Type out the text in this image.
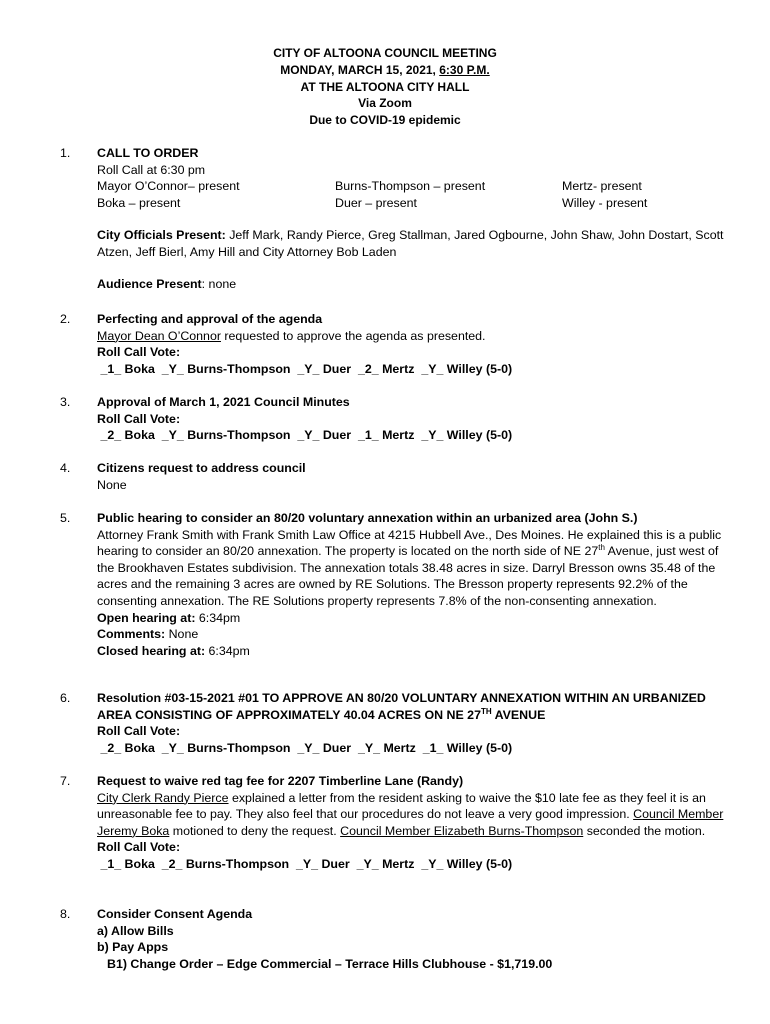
CITY OF ALTOONA COUNCIL MEETING
MONDAY, MARCH 15, 2021, 6:30 P.M.
AT THE ALTOONA CITY HALL
Via Zoom
Due to COVID-19 epidemic
1.	CALL TO ORDER
Roll Call at 6:30 pm
Mayor O’Connor– present	Burns-Thompson – present	Mertz- present
Boka – present	Duer – present	Willey - present
City Officials Present: Jeff Mark, Randy Pierce, Greg Stallman, Jared Ogbourne, John Shaw, John Dostart, Scott Atzen, Jeff Bierl, Amy Hill and City Attorney Bob Laden
Audience Present: none
2.	Perfecting and approval of the agenda
Mayor Dean O’Connor requested to approve the agenda as presented.
Roll Call Vote:
_1_ Boka  _Y_ Burns-Thompson  _Y_ Duer  _2_ Mertz  _Y_ Willey (5-0)
3.	Approval of March 1, 2021 Council Minutes
Roll Call Vote:
_2_ Boka  _Y_ Burns-Thompson  _Y_ Duer  _1_ Mertz  _Y_ Willey (5-0)
4.	Citizens request to address council
None
5.	Public hearing to consider an 80/20 voluntary annexation within an urbanized area (John S.)
Attorney Frank Smith with Frank Smith Law Office at 4215 Hubbell Ave., Des Moines. He explained this is a public hearing to consider an 80/20 annexation. The property is located on the north side of NE 27th Avenue, just west of the Brookhaven Estates subdivision. The annexation totals 38.48 acres in size. Darryl Bresson owns 35.48 of the acres and the remaining 3 acres are owned by RE Solutions. The Bresson property represents 92.2% of the consenting annexation. The RE Solutions property represents 7.8% of the non-consenting annexation.
Open hearing at: 6:34pm
Comments: None
Closed hearing at: 6:34pm
6.	Resolution #03-15-2021 #01 TO APPROVE AN 80/20 VOLUNTARY ANNEXATION WITHIN AN URBANIZED AREA CONSISTING OF APPROXIMATELY 40.04 ACRES ON NE 27TH AVENUE
Roll Call Vote:
_2_ Boka  _Y_ Burns-Thompson  _Y_ Duer  _Y_ Mertz  _1_ Willey (5-0)
7.	Request to waive red tag fee for 2207 Timberline Lane (Randy)
City Clerk Randy Pierce explained a letter from the resident asking to waive the $10 late fee as they feel it is an unreasonable fee to pay. They also feel that our procedures do not leave a very good impression. Council Member Jeremy Boka motioned to deny the request. Council Member Elizabeth Burns-Thompson seconded the motion.
Roll Call Vote:
_1_ Boka  _2_ Burns-Thompson  _Y_ Duer  _Y_ Mertz  _Y_ Willey (5-0)
8.	Consider Consent Agenda
a) Allow Bills
b) Pay Apps
B1) Change Order – Edge Commercial – Terrace Hills Clubhouse - $1,719.00
